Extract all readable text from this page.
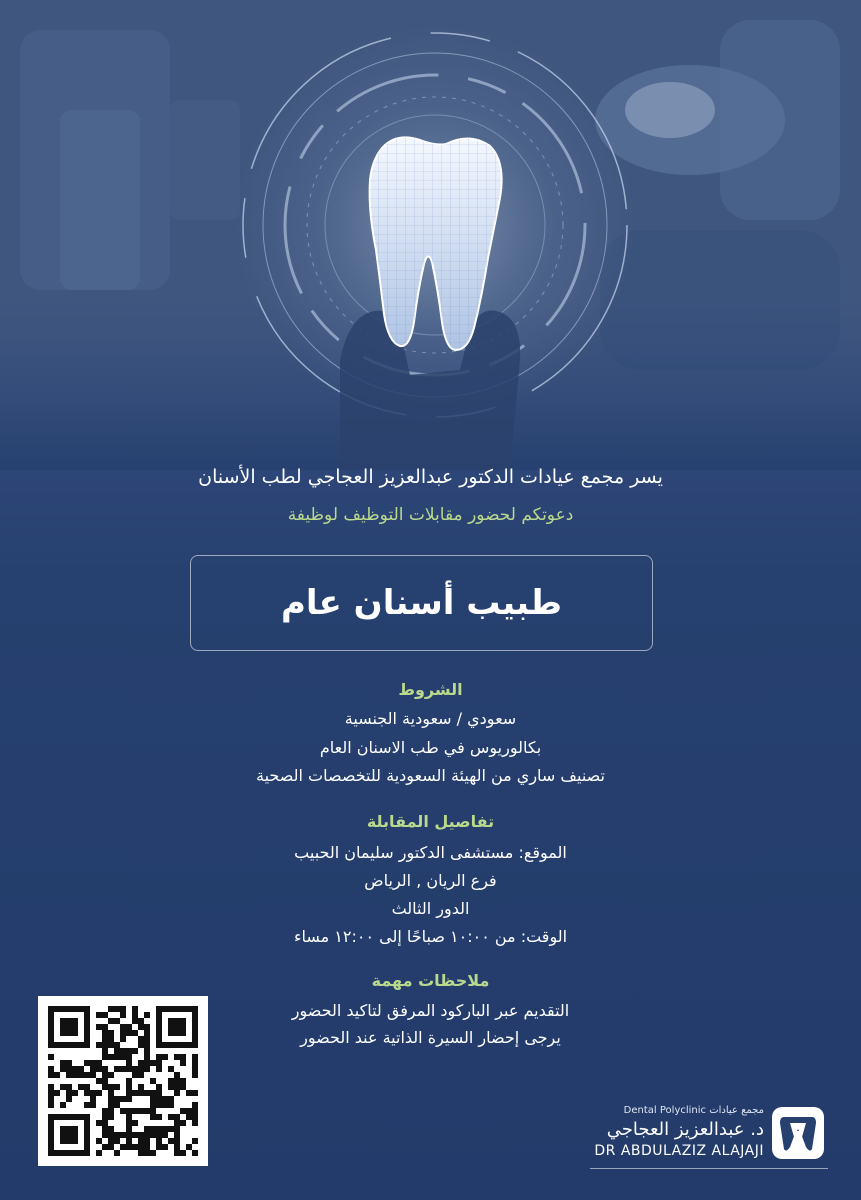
يسر مجمع عيادات الدكتور عبدالعزيز العجاجي لطب الأسنان
دعوتكم لحضور مقابلات التوظيف لوظيفة
طبيب أسنان عام
الشروط
سعودي / سعودية الجنسية
بكالوريوس في طب الاسنان العام
تصنيف ساري من الهيئة السعودية للتخصصات الصحية
تفاصيل المقابلة
الموقع: مستشفى الدكتور سليمان الحبيب
فرع الريان , الرياض
الدور الثالث
الوقت: من ١٠:٠٠ صباحًا إلى ١٢:٠٠ مساء
ملاحظات مهمة
التقديم عبر الباركود المرفق لتاكيد الحضور
يرجى إحضار السيرة الذاتية عند الحضور
Dental Polyclinic مجمع عيادات
د. عبدالعزيز العجاجي
DR ABDULAZIZ ALAJAJI
